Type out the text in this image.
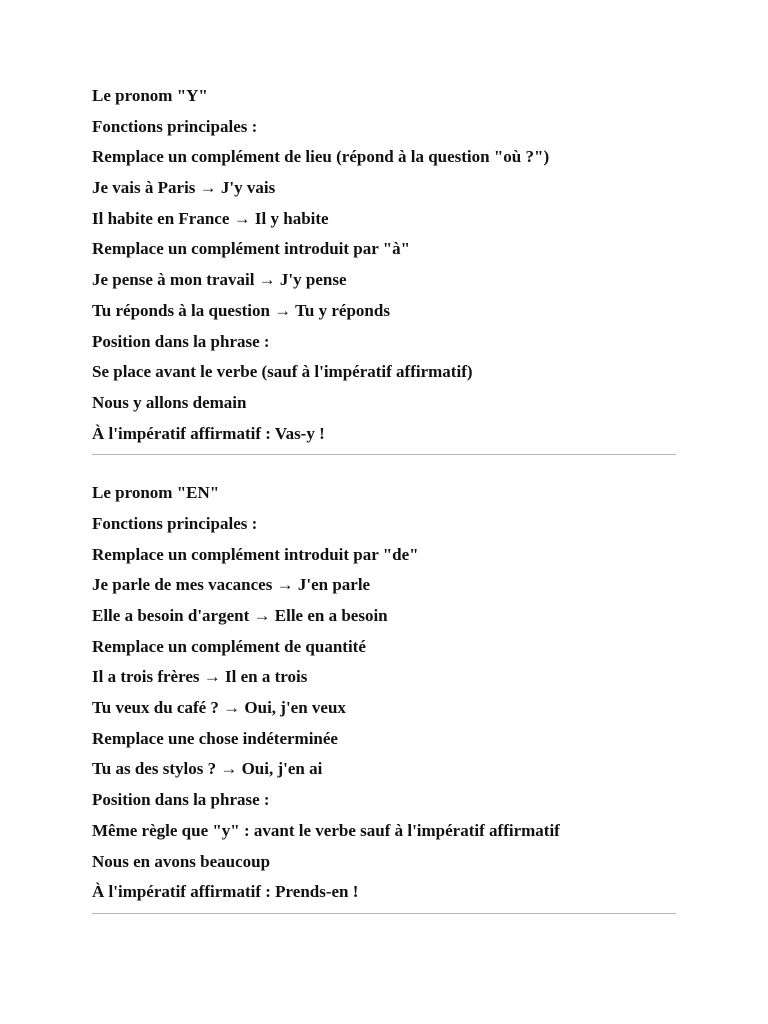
Le pronom "Y"
Fonctions principales :
Remplace un complément de lieu (répond à la question "où ?")
Je vais à Paris → J'y vais
Il habite en France → Il y habite
Remplace un complément introduit par "à"
Je pense à mon travail → J'y pense
Tu réponds à la question → Tu y réponds
Position dans la phrase :
Se place avant le verbe (sauf à l'impératif affirmatif)
Nous y allons demain
À l'impératif affirmatif : Vas-y !
Le pronom "EN"
Fonctions principales :
Remplace un complément introduit par "de"
Je parle de mes vacances → J'en parle
Elle a besoin d'argent → Elle en a besoin
Remplace un complément de quantité
Il a trois frères → Il en a trois
Tu veux du café ? → Oui, j'en veux
Remplace une chose indéterminée
Tu as des stylos ? → Oui, j'en ai
Position dans la phrase :
Même règle que "y" : avant le verbe sauf à l'impératif affirmatif
Nous en avons beaucoup
À l'impératif affirmatif : Prends-en !
